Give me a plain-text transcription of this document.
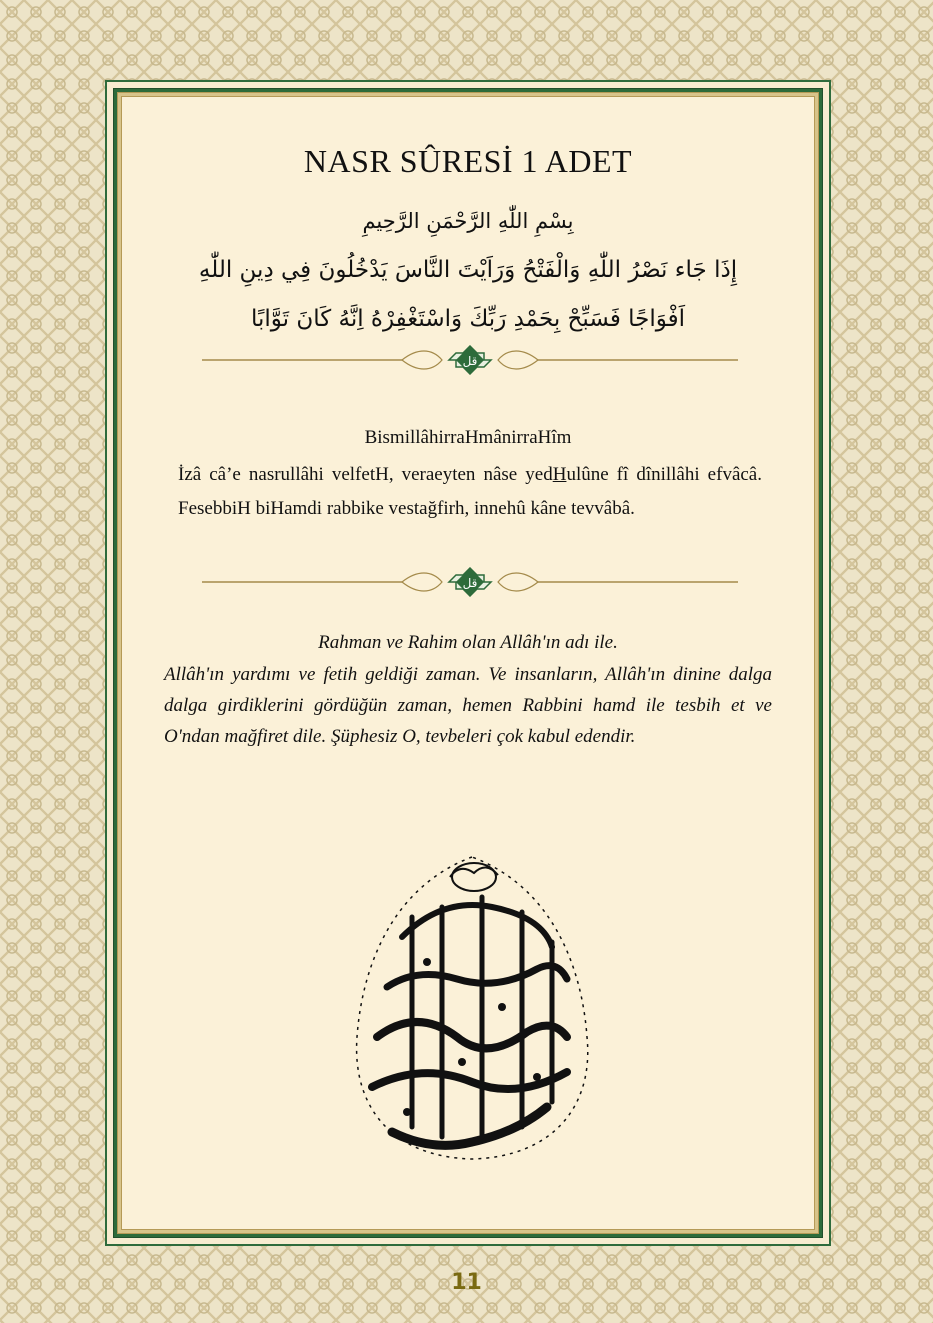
NASR SÛRESİ 1 ADET
بِسْمِ اللّٰهِ الرَّحْمَنِ الرَّحِيمِ
إِذَا جَاء نَصْرُ اللّٰهِ وَالْفَتْحُ وَرَاَيْتَ النَّاسَ يَدْخُلُونَ فِي دِينِ اللّٰهِ
اَفْوَاجًا فَسَبِّحْ بِحَمْدِ رَبِّكَ وَاسْتَغْفِرْهُ اِنَّهُ كَانَ تَوَّابًا
قل
BismillâhirraHmânirraHîm
İzâ câ’e nasrullâhi velfetH, veraeyten nâse yedHulûne fî dînillâhi efvâcâ. FesebbiH biHamdi rabbike vestağfirh, innehû kâne tevvâbâ.
قل
Rahman ve Rahim olan Allâh'ın adı ile.
Allâh'ın yardımı ve fetih geldiği zaman. Ve insanların, Allâh'ın dinine dalga dalga girdiklerini gördüğün zaman, hemen Rabbini hamd ile tesbih et ve O'ndan mağfiret dile. Şüphesiz O, tevbeleri çok kabul edendir.
11
